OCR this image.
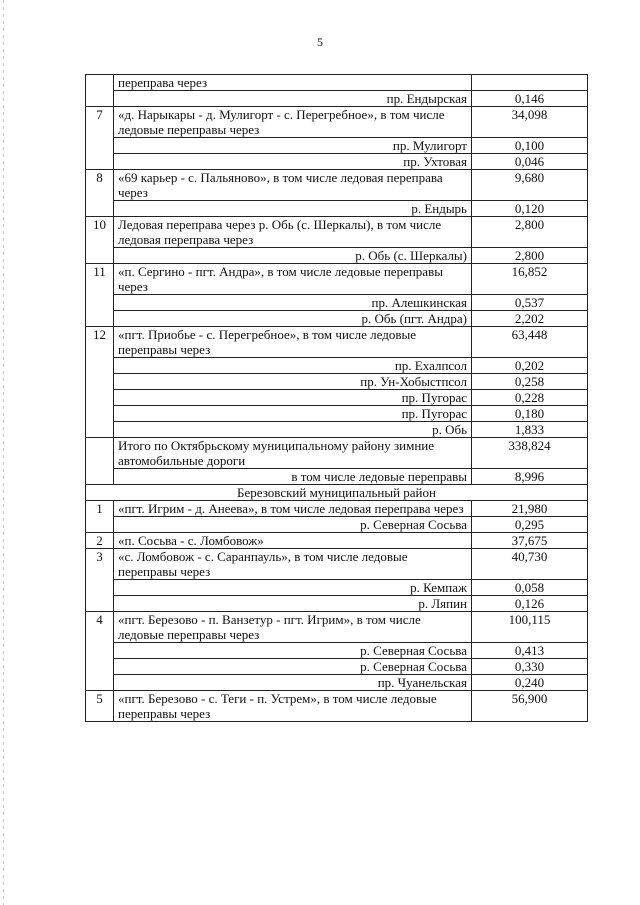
5
	переправа через	
	пр. Ендырская	0,146
7	«д. Нарыкары - д. Мулигорт - с. Перегребное», в том числе ледовые переправы через	34,098
	пр. Мулигорт	0,100
	пр. Ухтовая	0,046
8	«69 карьер - с. Пальяново», в том числе ледовая переправа через	9,680
	р. Ендырь	0,120
10	Ледовая переправа через р. Обь (с. Шеркалы), в том числе ледовая переправа через	2,800
	р. Обь (с. Шеркалы)	2,800
11	«п. Сергино - пгт. Андра», в том числе ледовые переправы через	16,852
	пр. Алешкинская	0,537
	р. Обь (пгт. Андра)	2,202
12	«пгт. Приобье - с. Перегребное», в том числе ледовые переправы через	63,448
	пр. Ехалпсол	0,202
	пр. Ун-Хобыстпсол	0,258
	пр. Пугорас	0,228
	пр. Пугорас	0,180
	р. Обь	1,833
	Итого по Октябрьскому муниципальному району зимние автомобильные дороги	338,824
	в том числе ледовые переправы	8,996
Березовский муниципальный район		
1	«пгт. Игрим - д. Анеева», в том числе ледовая переправа через	21,980
	р. Северная Сосьва	0,295
2	«п. Сосьва - с. Ломбовож»	37,675
3	«с. Ломбовож - с. Саранпауль», в том числе ледовые переправы через	40,730
	р. Кемпаж	0,058
	р. Ляпин	0,126
4	«пгт. Березово - п. Ванзетур - пгт. Игрим», в том числе ледовые переправы через	100,115
	р. Северная Сосьва	0,413
	р. Северная Сосьва	0,330
	пр. Чуанельская	0,240
5	«пгт. Березово - с. Теги - п. Устрем», в том числе ледовые переправы через	56,900
